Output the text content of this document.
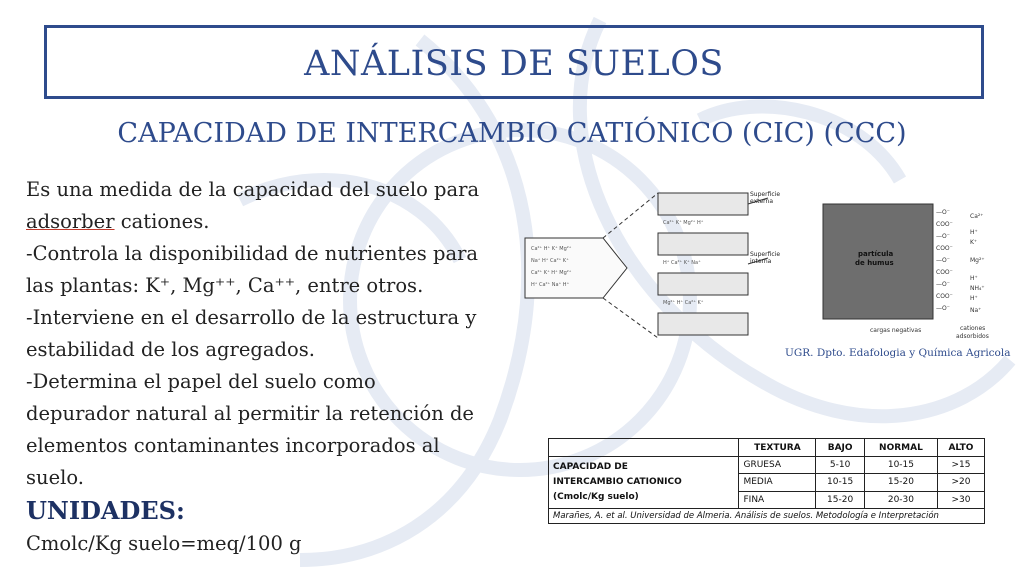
ANÁLISIS DE SUELOS
CAPACIDAD DE INTERCAMBIO CATIÓNICO (CIC) (CCC)

Es una medida de la capacidad del suelo para

adsorber cationes.

-Controla la disponibilidad de nutrientes para

las plantas: K⁺, Mg⁺⁺, Ca⁺⁺, entre otros.

-Interviene en el desarrollo de la estructura y

estabilidad de los agregados.

-Determina el papel del suelo como

depurador natural al permitir la retención de

elementos contaminantes incorporados al

suelo.

UNIDADES:

Cmolc/Kg suelo=meq/100 g

Ca²⁺ H⁺ K⁺ Mg²⁺
Na⁺ H⁺ Ca²⁺ K⁺
Ca²⁺ K⁺ H⁺ Mg²⁺
H⁺ Ca²⁺ Na⁺ H⁺
Ca²⁺ K⁺ Mg²⁺ H⁺
H⁺ Ca²⁺ K⁺ Na⁺
Mg²⁺ H⁺ Ca²⁺ K⁺
Superficie
externa
Superficie
interna
partícula
de humus
—O⁻
COO⁻
—O⁻
COO⁻
—O⁻
COO⁻
—O⁻
COO⁻
—O⁻
Ca²⁺
H⁺
K⁺
Mg²⁺
H⁺
NH₄⁺
H⁺
Na⁺
cargas negativas	cationes
adsorbidos
UGR. Dpto. Edafologia y Química Agricola
	TEXTURA	BAJO	NORMAL	ALTO

CAPACIDAD DE
INTERCAMBIO CATIONICO
(Cmolc/Kg suelo)	GRUESA	5-10	10-15	>15
	MEDIA	10-15	15-20	>20
	FINA	15-20	20-30	>30
Marañes, A. et al. Universidad de Almeria. Análisis de suelos. Metodología e Interpretación				
